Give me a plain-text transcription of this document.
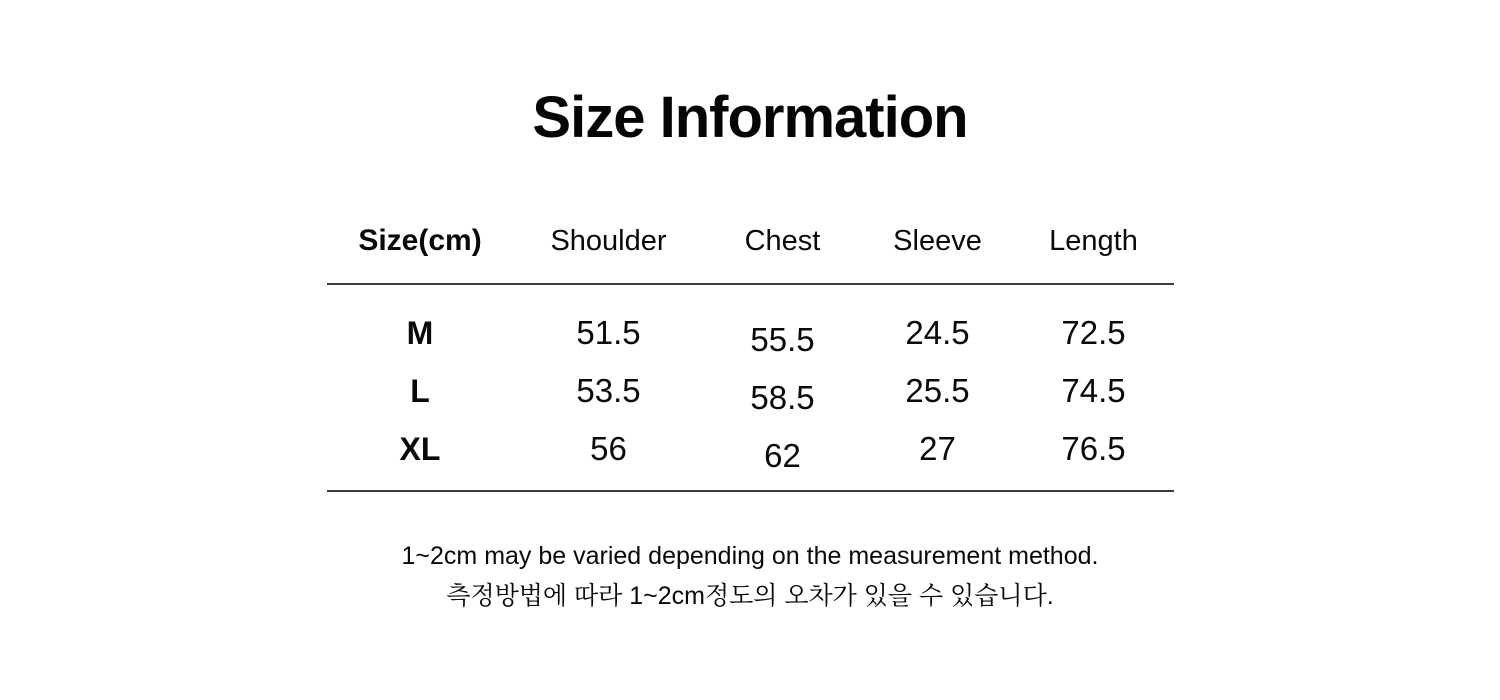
Size Information
Size(cm)	Shoulder	Chest	Sleeve	Length
M	51.5	55.5	24.5	72.5
L	53.5	58.5	25.5	74.5
XL	56	62	27	76.5
1~2cm may be varied depending on the measurement method.
측정방법에 따라 1~2cm정도의 오차가 있을 수 있습니다.
